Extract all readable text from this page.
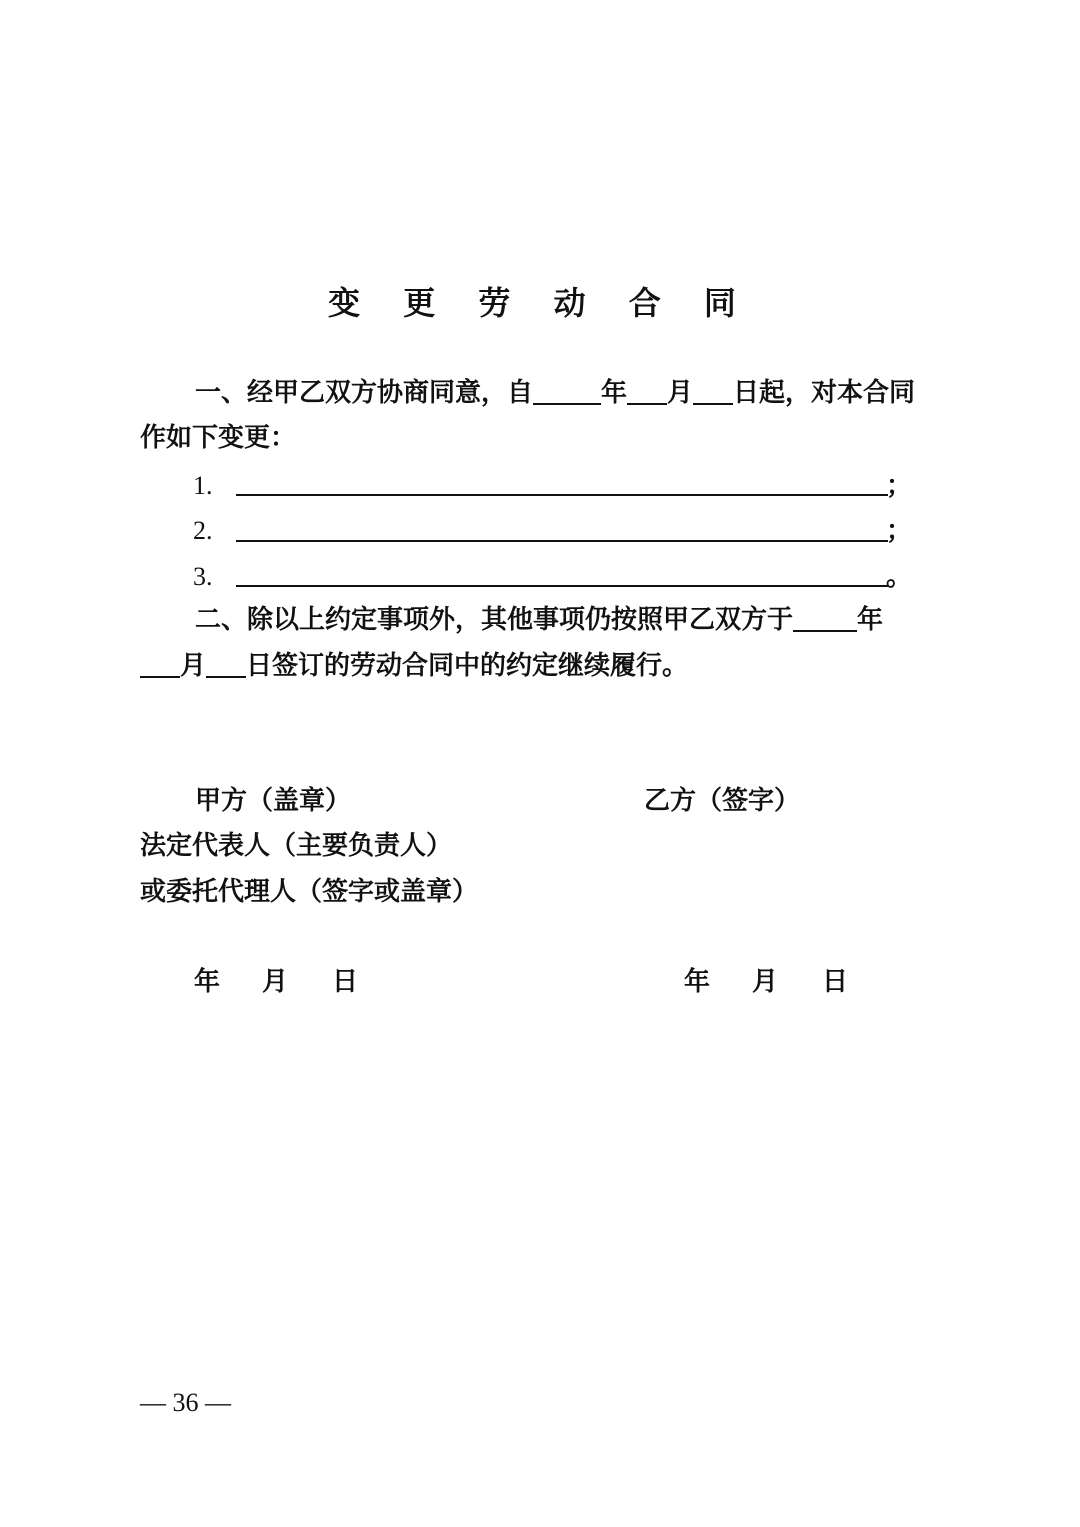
变 更 劳 动 合 同
一、经甲乙双方协商同意，自	年 月 日起，对本合同
作如下变更：
1.	；
2.	；
3.	。
二、除以上约定事项外，其他事项仍按照甲乙双方于 年
月 日签订的劳动合同中的约定继续履行。
甲方（盖章）	乙方（签字）
法定代表人（主要负责人）
或委托代理人（签字或盖章）
年 月 日	年 月 日
— 36 —
